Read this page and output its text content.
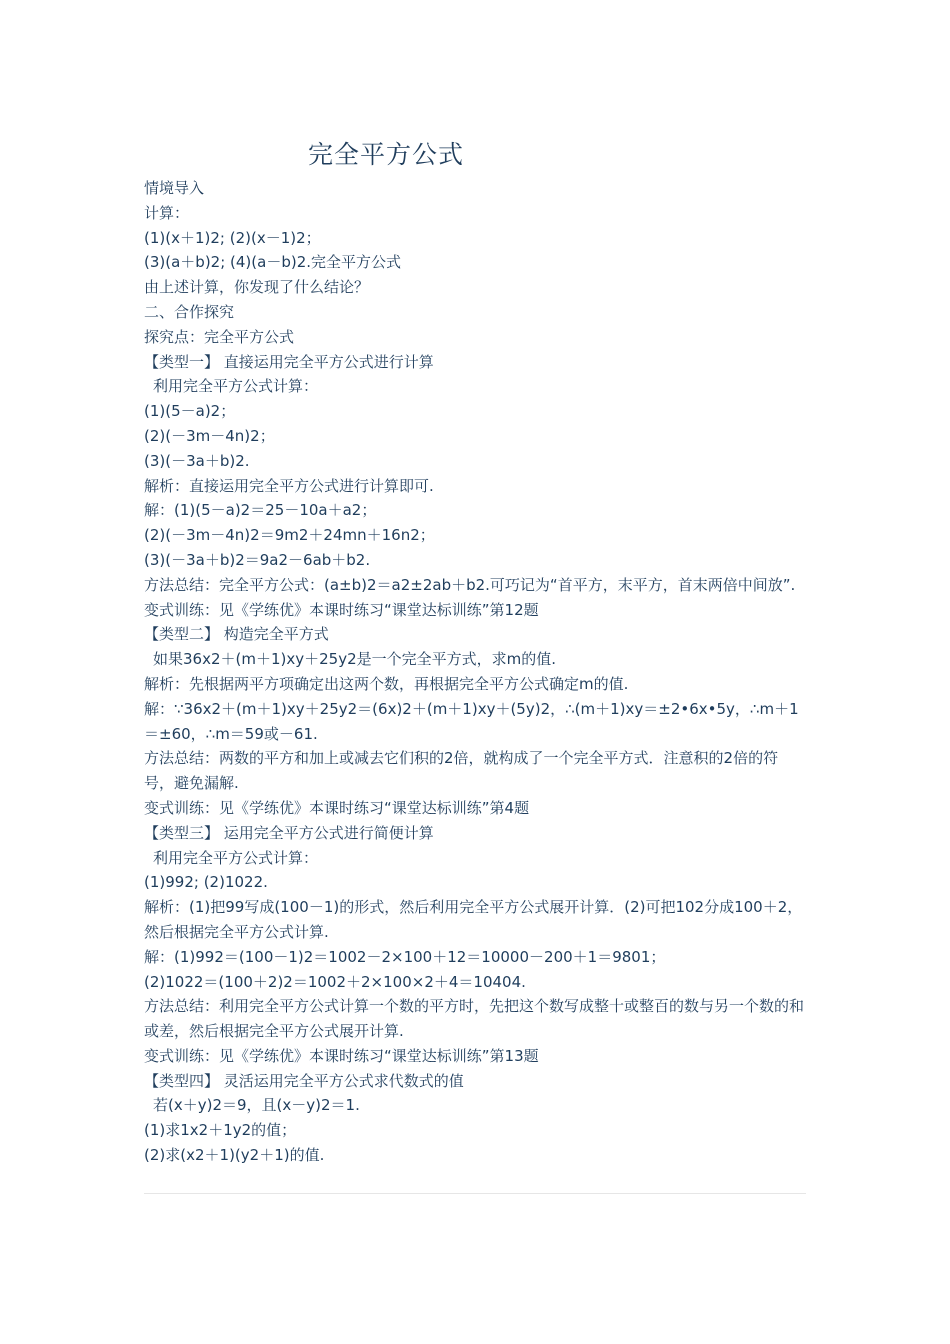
完全平方公式
情境导入
计算：
(1)(x＋1)2; (2)(x－1)2；
(3)(a＋b)2; (4)(a－b)2.完全平方公式
由上述计算，你发现了什么结论？
二、合作探究
探究点：完全平方公式
【类型一】 直接运用完全平方公式进行计算
利用完全平方公式计算：
(1)(5－a)2；
(2)(－3m－4n)2；
(3)(－3a＋b)2.
解析：直接运用完全平方公式进行计算即可.
解：(1)(5－a)2＝25－10a＋a2；
(2)(－3m－4n)2＝9m2＋24mn＋16n2；
(3)(－3a＋b)2＝9a2－6ab＋b2.
方法总结：完全平方公式：(a±b)2＝a2±2ab＋b2.可巧记为“首平方，末平方，首末两倍中间放”.
变式训练：见《学练优》本课时练习“课堂达标训练”第12题
【类型二】 构造完全平方式
如果36x2＋(m＋1)xy＋25y2是一个完全平方式，求m的值.
解析：先根据两平方项确定出这两个数，再根据完全平方公式确定m的值.
解：∵36x2＋(m＋1)xy＋25y2＝(6x)2＋(m＋1)xy＋(5y)2，∴(m＋1)xy＝±2•6x•5y，∴m＋1＝±60，∴m＝59或－61.
方法总结：两数的平方和加上或减去它们积的2倍，就构成了一个完全平方式．注意积的2倍的符号，避免漏解.
变式训练：见《学练优》本课时练习“课堂达标训练”第4题
【类型三】 运用完全平方公式进行简便计算
利用完全平方公式计算：
(1)992; (2)1022.
解析：(1)把99写成(100－1)的形式，然后利用完全平方公式展开计算．(2)可把102分成100＋2，然后根据完全平方公式计算.
解：(1)992＝(100－1)2＝1002－2×100＋12＝10000－200＋1＝9801；
(2)1022＝(100＋2)2＝1002＋2×100×2＋4＝10404.
方法总结：利用完全平方公式计算一个数的平方时，先把这个数写成整十或整百的数与另一个数的和或差，然后根据完全平方公式展开计算.
变式训练：见《学练优》本课时练习“课堂达标训练”第13题
【类型四】 灵活运用完全平方公式求代数式的值
若(x＋y)2＝9，且(x－y)2＝1.
(1)求1x2＋1y2的值；
(2)求(x2＋1)(y2＋1)的值.
